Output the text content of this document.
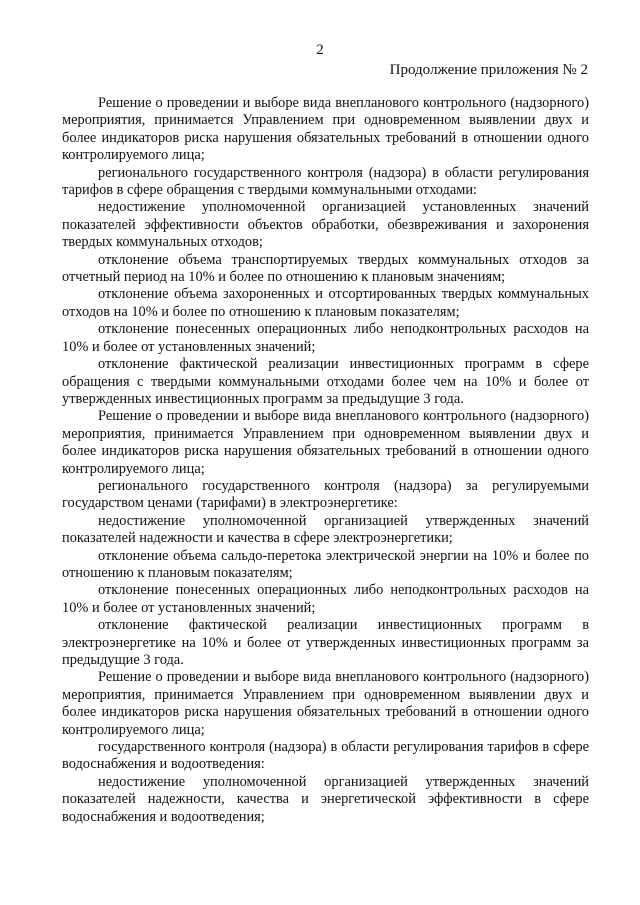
2
Продолжение приложения № 2

Решение о проведении и выборе вида внепланового контрольного (надзорного) мероприятия, принимается Управлением при одновременном выявлении двух и более индикаторов риска нарушения обязательных требований в отношении одного контролируемого лица;

регионального государственного контроля (надзора) в области регулирования тарифов в сфере обращения с твердыми коммунальными отходами:

недостижение уполномоченной организацией установленных значений показателей эффективности объектов обработки, обезвреживания и захоронения твердых коммунальных отходов;

отклонение объема транспортируемых твердых коммунальных отходов за отчетный период на 10% и более по отношению к плановым значениям;

отклонение объема захороненных и отсортированных твердых коммунальных отходов на 10% и более по отношению к плановым показателям;

отклонение понесенных операционных либо неподконтрольных расходов на 10% и более от установленных значений;

отклонение фактической реализации инвестиционных программ в сфере обращения с твердыми коммунальными отходами более чем на 10% и более от утвержденных инвестиционных программ за предыдущие 3 года.

Решение о проведении и выборе вида внепланового контрольного (надзорного) мероприятия, принимается Управлением при одновременном выявлении двух и более индикаторов риска нарушения обязательных требований в отношении одного контролируемого лица;

регионального государственного контроля (надзора) за регулируемыми государством ценами (тарифами) в электроэнергетике:

недостижение уполномоченной организацией утвержденных значений показателей надежности и качества в сфере электроэнергетики;

отклонение объема сальдо-перетока электрической энергии на 10% и более по отношению к плановым показателям;

отклонение понесенных операционных либо неподконтрольных расходов на 10% и более от установленных значений;

отклонение фактической реализации инвестиционных программ в электроэнергетике на 10% и более от утвержденных инвестиционных программ за предыдущие 3 года.

Решение о проведении и выборе вида внепланового контрольного (надзорного) мероприятия, принимается Управлением при одновременном выявлении двух и более индикаторов риска нарушения обязательных требований в отношении одного контролируемого лица;

государственного контроля (надзора) в области регулирования тарифов в сфере водоснабжения и водоотведения:

недостижение уполномоченной организацией утвержденных значений показателей надежности, качества и энергетической эффективности в сфере водоснабжения и водоотведения;
